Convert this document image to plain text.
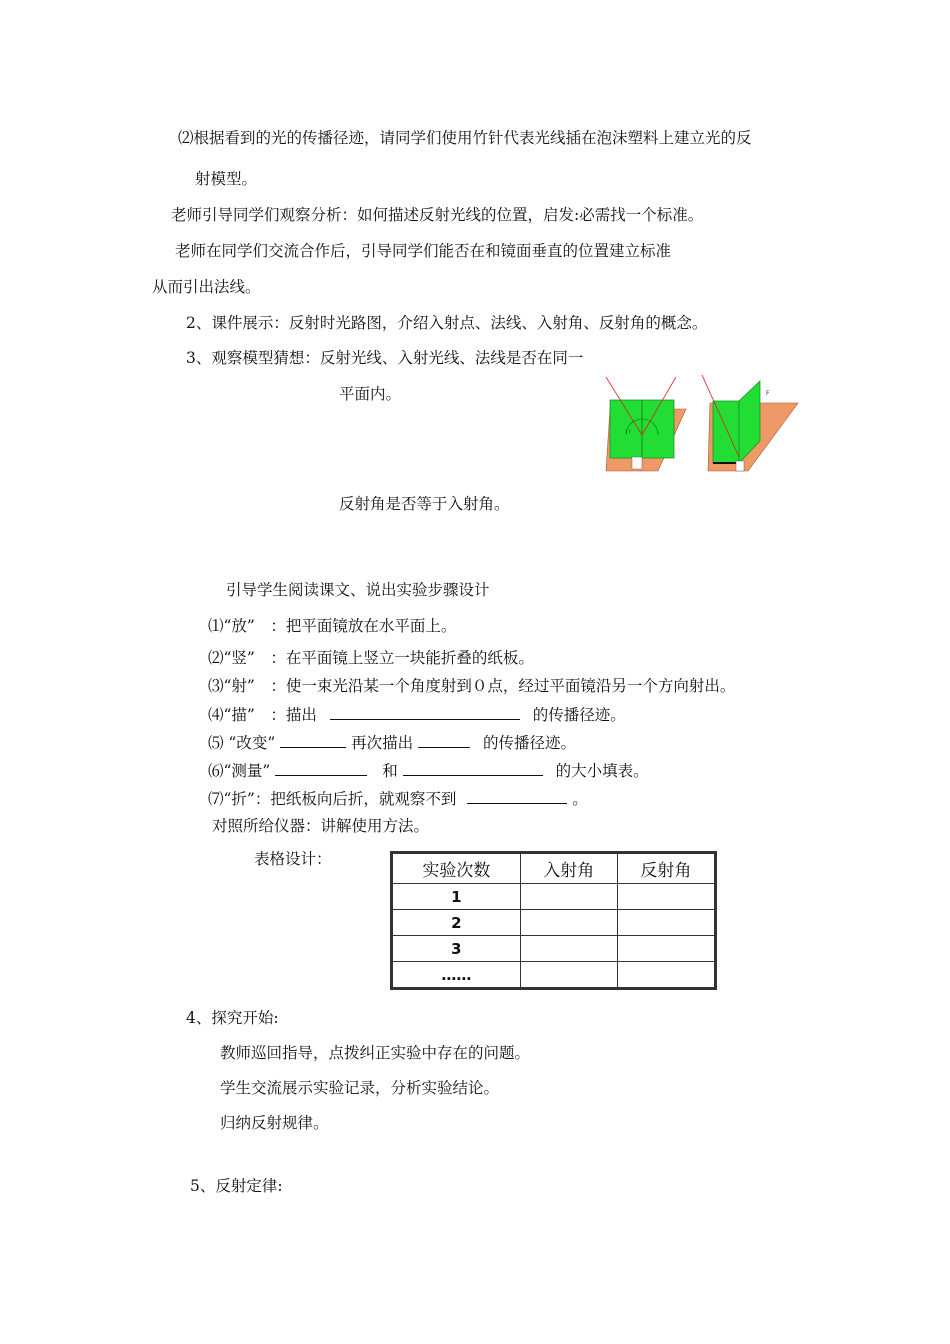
⑵根据看到的光的传播径迹，请同学们使用竹针代表光线插在泡沫塑料上建立光的反
射模型。
老师引导同学们观察分析：如何描述反射光线的位置，启发:必需找一个标准。
老师在同学们交流合作后，引导同学们能否在和镜面垂直的位置建立标准
从而引出法线。
2、课件展示：反射时光路图，介绍入射点、法线、入射角、反射角的概念。
3、观察模型猜想：反射光线、入射光线、法线是否在同一
平面内。
反射角是否等于入射角。
i r
F
引导学生阅读课文、说出实验步骤设计
⑴“放”　：把平面镜放在水平面上。
⑵“竖”　：在平面镜上竖立一块能折叠的纸板。
⑶“射”　：使一束光沿某一个角度射到０点，经过平面镜沿另一个方向射出。
⑷“描”　：描出	的传播径迹。
⑸ “改变”	再次描出	的传播径迹。
⑹“测量”	和	的大小填表。
⑺“折”：把纸板向后折，就观察不到	。
对照所给仪器：讲解使用方法。
表格设计：
实验次数	入射角	反射角
1		
2		
3		
……		
4、探究开始:
教师巡回指导，点拨纠正实验中存在的问题。
学生交流展示实验记录，分析实验结论。
归纳反射规律。
5、反射定律:
